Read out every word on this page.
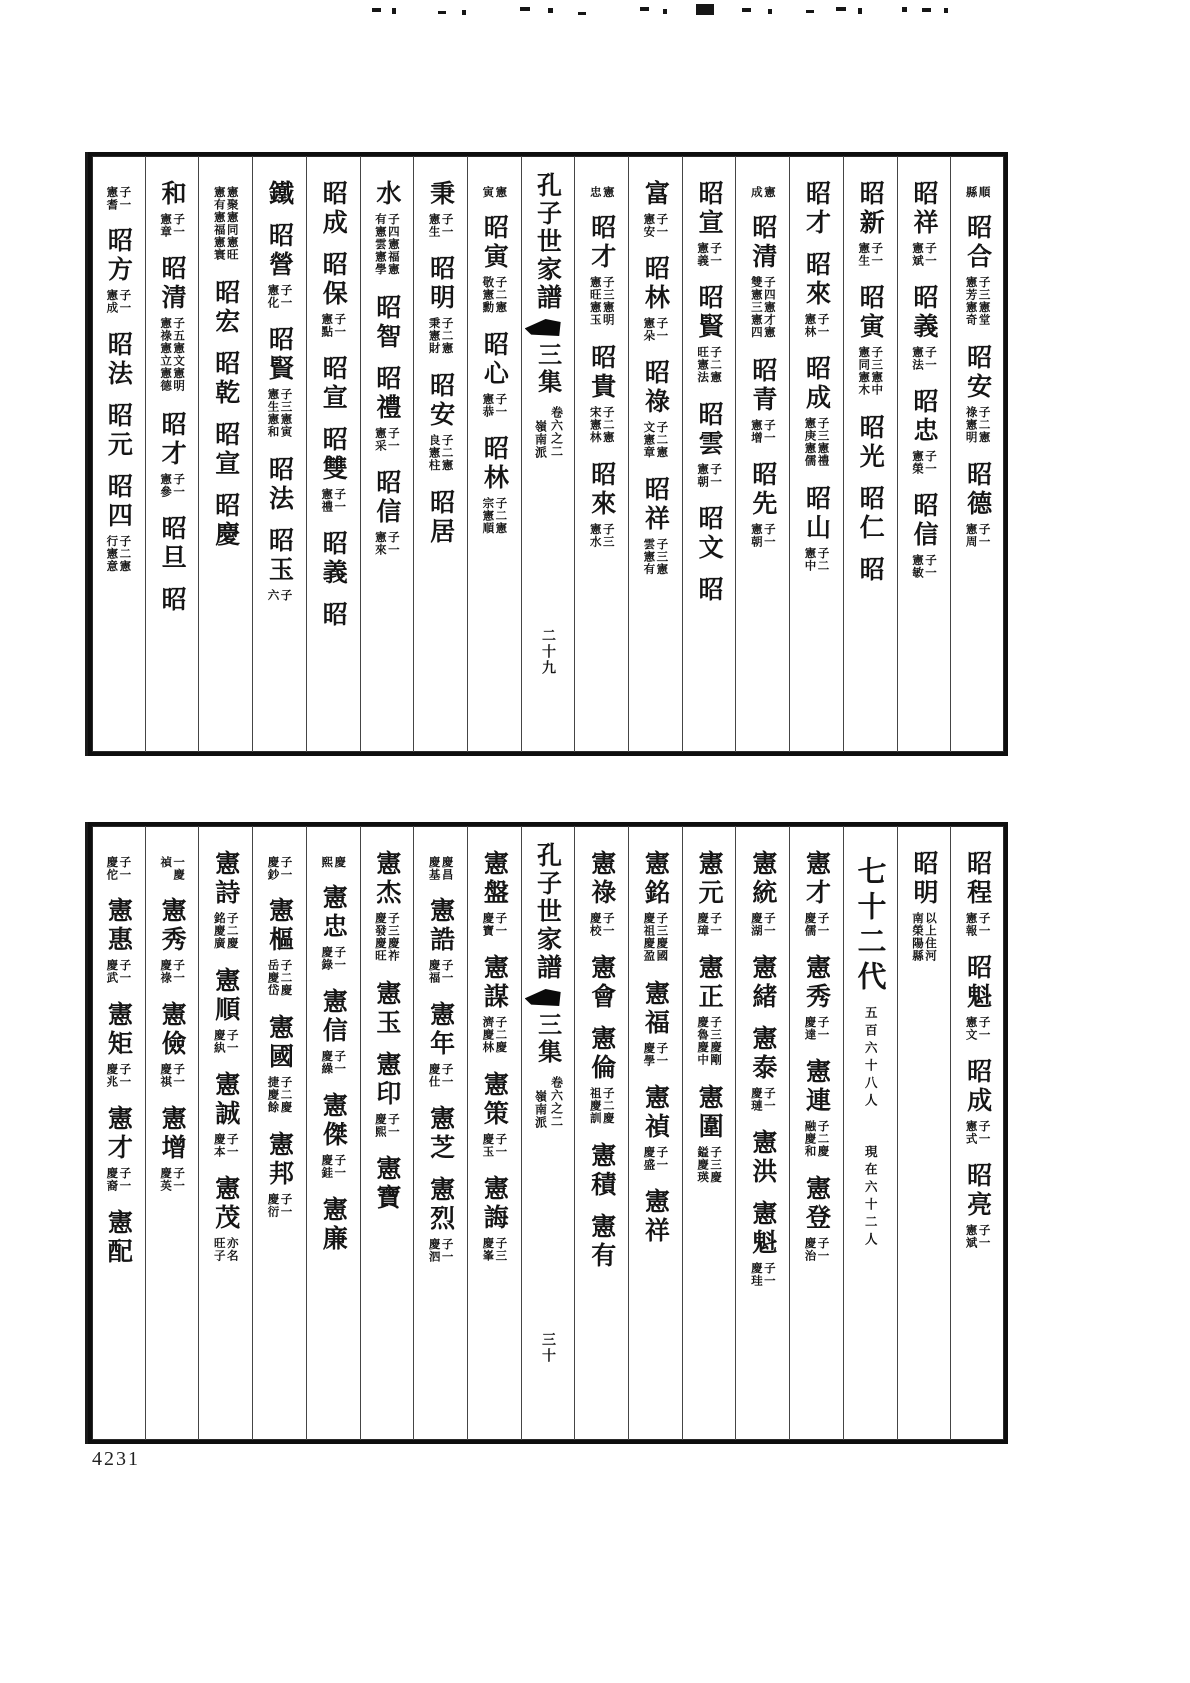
順縣
昭合
子三憲堂憲芳憲奇
昭安
子二憲祿憲明
昭德
子一憲周
昭祥
子一憲斌
昭義
子一憲法
昭忠
子一憲榮
昭信
子一憲敏
昭新
子一憲生
昭寅
子三憲中憲同憲木
昭光
昭仁
昭
昭才
昭來
子一憲林
昭成
子三憲禮憲庚憲儒
昭山
子二憲中
憲成
昭清
子四憲才憲雙憲三憲四
昭青
子一憲增
昭先
子一憲朝
昭宣
子一憲義
昭賢
子二憲旺憲法
昭雲
子一憲朝
昭文
昭
富
子一憲安
昭林
子一憲朵
昭祿
子二憲文憲章
昭祥
子三憲雲憲有
憲忠
昭才
子三憲明憲旺憲玉
昭貴
子二憲宋憲林
昭來
子三憲水
孔子世家譜
三集
卷六之二
嶺南派
二十九
憲寅
昭寅
子二憲敬憲勳
昭心
子一憲恭
昭林
子二憲宗憲順
秉
子一憲生
昭明
子二憲秉憲財
昭安
子二憲良憲柱
昭居
水
子四憲福憲有憲雲憲學
昭智
昭禮
子一憲采
昭信
子一憲來
昭成
昭保
子一憲點
昭宣
昭雙
子一憲禮
昭義
昭
鐵
昭營
子一憲化
昭賢
子三憲寅憲生憲和
昭法
昭玉
子六
憲聚憲同憲旺憲有憲福憲寰
昭宏
昭乾
昭宣
昭慶
和
子一憲章
昭清
子五憲文憲明憲祿憲立憲德
昭才
子一憲參
昭旦
昭
子一憲耆
昭方
子一憲成
昭法
昭元
昭四
子二憲行憲意
昭程
子一憲報
昭魁
子一憲文
昭成
子一憲式
昭亮
子一憲斌
昭明
以上住河南榮陽縣
七十二代
五百六十八人
現在六十二人
憲才
子一慶儒
憲秀
子一慶達
憲連
子二慶融慶和
憲登
子一慶治
憲統
子一慶湖
憲緒
憲泰
子一慶璉
憲洪
憲魁
子一慶珪
憲元
子一慶璋
憲正
子三慶剛慶魯慶中
憲圍
子三慶鎰慶瑛
憲銘
子三慶國慶祖慶盈
憲福
子一慶學
憲禎
子一慶盛
憲祥
憲祿
子一慶校
憲會
憲倫
子二慶祖慶訓
憲積
憲有
孔子世家譜
三集
卷六之二
嶺南派
三十
憲盤
子一慶寶
憲謀
子二慶濟慶林
憲策
子一慶玉
憲誨
子三慶峯
慶昌慶基
憲誥
子一慶福
憲年
子一慶仕
憲芝
憲烈
子一慶泗
憲杰
子三慶祚慶發慶旺
憲玉
憲印
子一慶熙
憲寶
慶熙
憲忠
子一慶錄
憲信
子一慶繰
憲傑
子一慶銈
憲廉
子一慶鈔
憲樞
子二慶岳慶岱
憲國
子二慶捷慶餘
憲邦
子一慶衍
憲詩
子二慶銘慶廣
憲順
子一慶紈
憲誠
子一慶本
憲茂
亦名旺子
一慶禎
憲秀
子一慶祿
憲儉
子一慶祺
憲增
子一慶英
子一慶佗
憲惠
子一慶武
憲矩
子一慶兆
憲才
子一慶裔
憲配
4231
